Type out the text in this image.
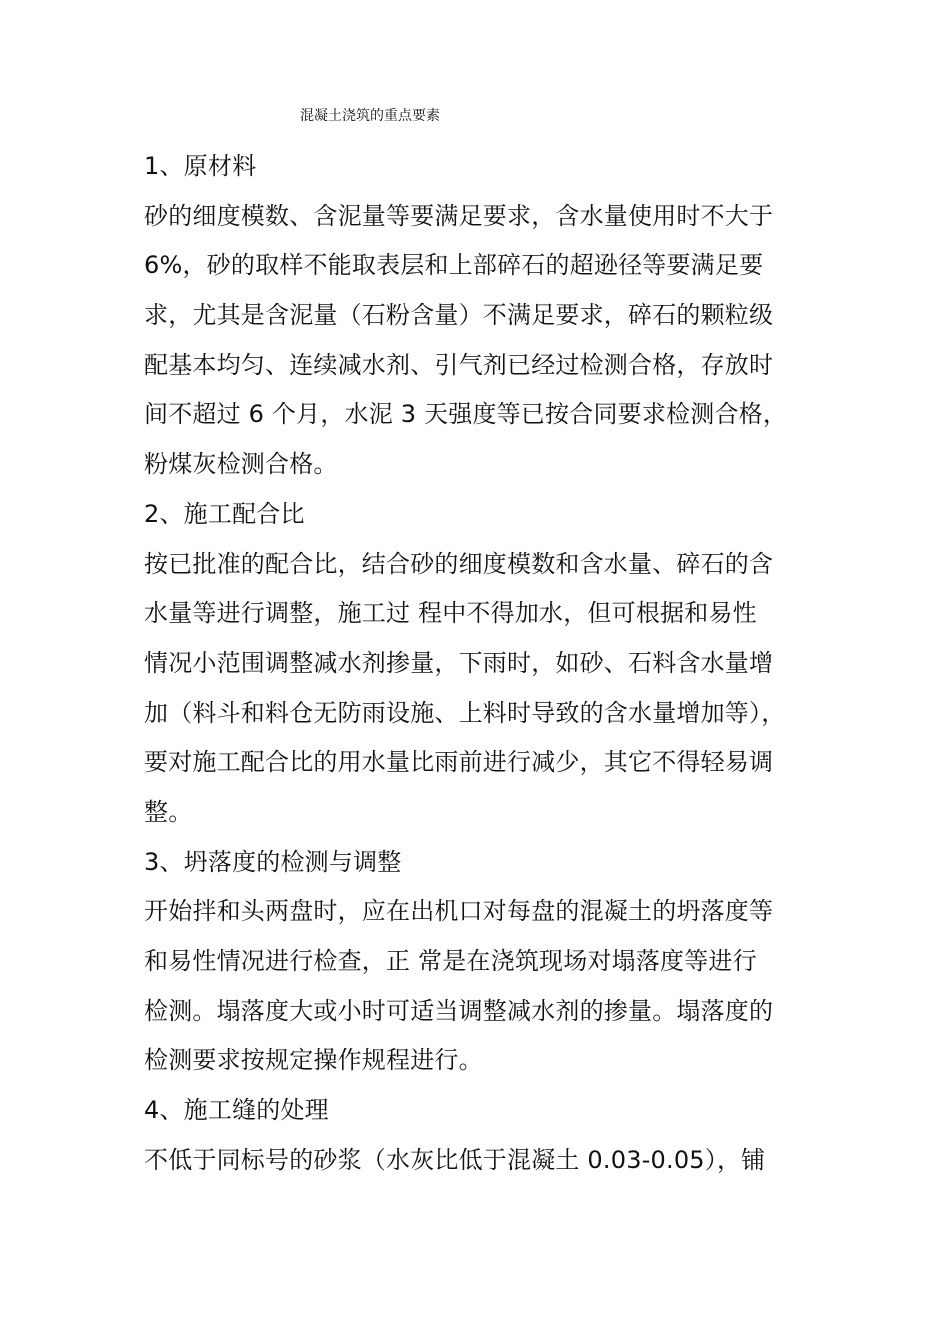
混凝土浇筑的重点要素
1、原材料
砂的细度模数、含泥量等要满足要求，含水量使用时不大于
6%，砂的取样不能取表层和上部碎石的超逊径等要满足要
求，尤其是含泥量（石粉含量）不满足要求，碎石的颗粒级
配基本均匀、连续减水剂、引气剂已经过检测合格，存放时
间不超过 6 个月，水泥 3 天强度等已按合同要求检测合格，
粉煤灰检测合格。
2、施工配合比
按已批准的配合比，结合砂的细度模数和含水量、碎石的含
水量等进行调整，施工过 程中不得加水，但可根据和易性
情况小范围调整减水剂掺量，下雨时，如砂、石料含水量增
加（料斗和料仓无防雨设施、上料时导致的含水量增加等），
要对施工配合比的用水量比雨前进行减少，其它不得轻易调
整。
3、坍落度的检测与调整
开始拌和头两盘时，应在出机口对每盘的混凝土的坍落度等
和易性情况进行检查，正 常是在浇筑现场对塌落度等进行
检测。塌落度大或小时可适当调整减水剂的掺量。塌落度的
检测要求按规定操作规程进行。
4、施工缝的处理
不低于同标号的砂浆（水灰比低于混凝土 0.03-0.05），铺
